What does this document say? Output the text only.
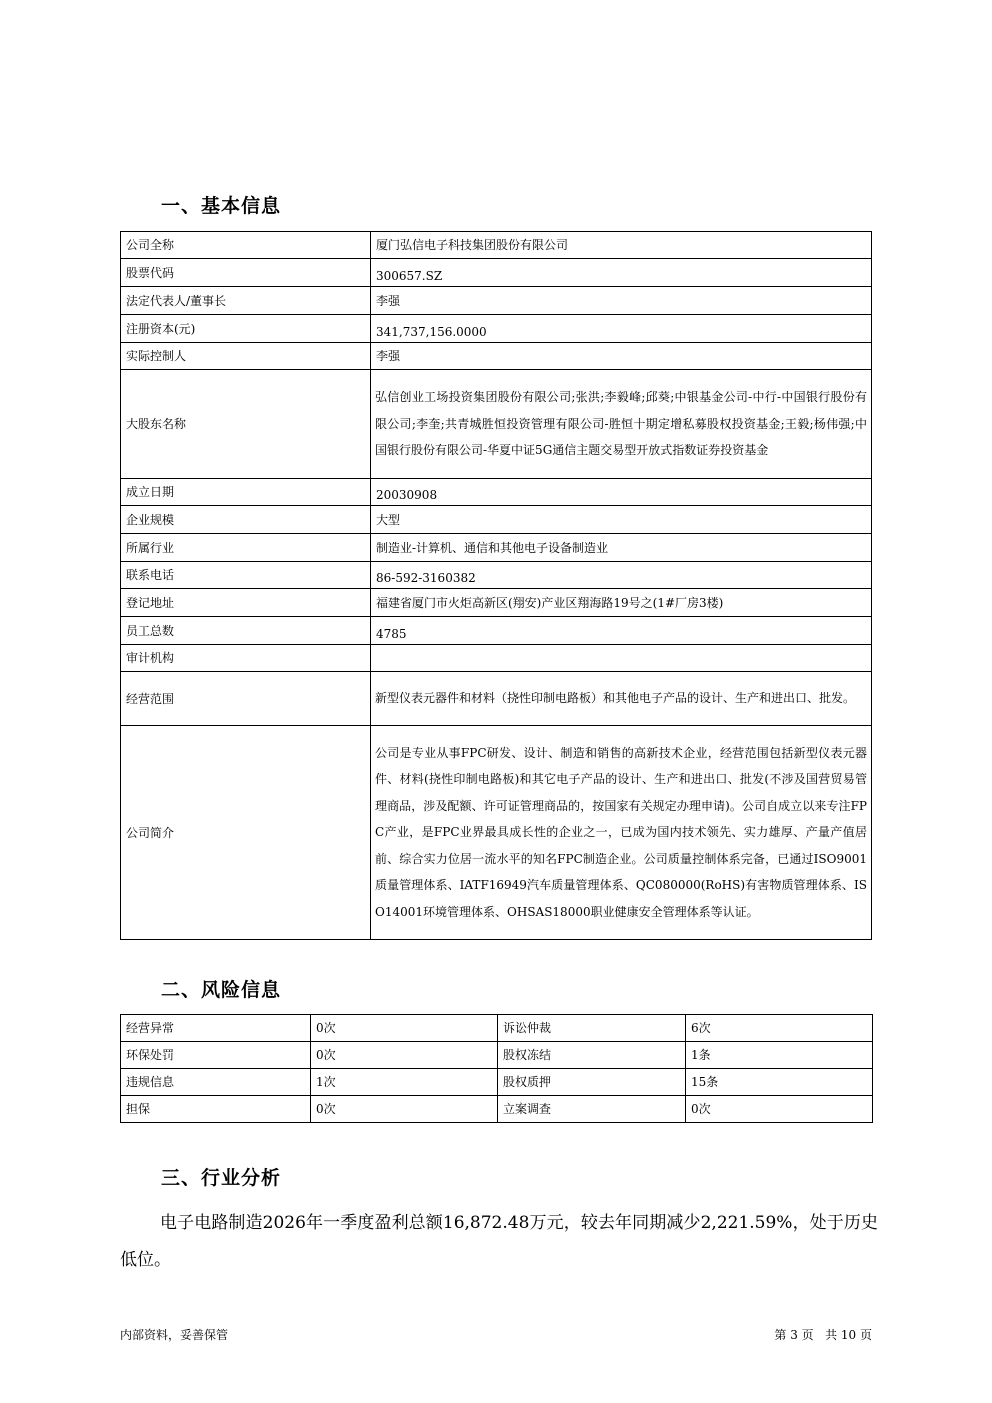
一、基本信息
公司全称	厦门弘信电子科技集团股份有限公司
股票代码	300657.SZ
法定代表人/董事长	李强
注册资本(元)	341,737,156.0000
实际控制人	李强
大股东名称	弘信创业工场投资集团股份有限公司;张洪;李毅峰;邱葵;中银基金公司-中行-中国银行股份有限公司;李奎;共青城胜恒投资管理有限公司-胜恒十期定增私募股权投资基金;王毅;杨伟强;中国银行股份有限公司-华夏中证5G通信主题交易型开放式指数证券投资基金
成立日期	20030908
企业规模	大型
所属行业	制造业-计算机、通信和其他电子设备制造业
联系电话	86-592-3160382
登记地址	福建省厦门市火炬高新区(翔安)产业区翔海路19号之(1#厂房3楼)
员工总数	4785
审计机构	
经营范围	新型仪表元器件和材料（挠性印制电路板）和其他电子产品的设计、生产和进出口、批发。
公司简介	公司是专业从事FPC研发、设计、制造和销售的高新技术企业，经营范围包括新型仪表元器件、材料(挠性印制电路板)和其它电子产品的设计、生产和进出口、批发(不涉及国营贸易管理商品，涉及配额、许可证管理商品的，按国家有关规定办理申请)。公司自成立以来专注FPC产业，是FPC业界最具成长性的企业之一，已成为国内技术领先、实力雄厚、产量产值居前、综合实力位居一流水平的知名FPC制造企业。公司质量控制体系完备，已通过ISO9001质量管理体系、IATF16949汽车质量管理体系、QC080000(RoHS)有害物质管理体系、ISO14001环境管理体系、OHSAS18000职业健康安全管理体系等认证。
二、风险信息
经营异常	0次	诉讼仲裁	6次
环保处罚	0次	股权冻结	1条
违规信息	1次	股权质押	15条
担保	0次	立案调查	0次
三、行业分析
电子电路制造2026年一季度盈利总额16,872.48万元，较去年同期减少2,221.59%，处于历史低位。
内部资料，妥善保管	第 3 页   共 10 页
